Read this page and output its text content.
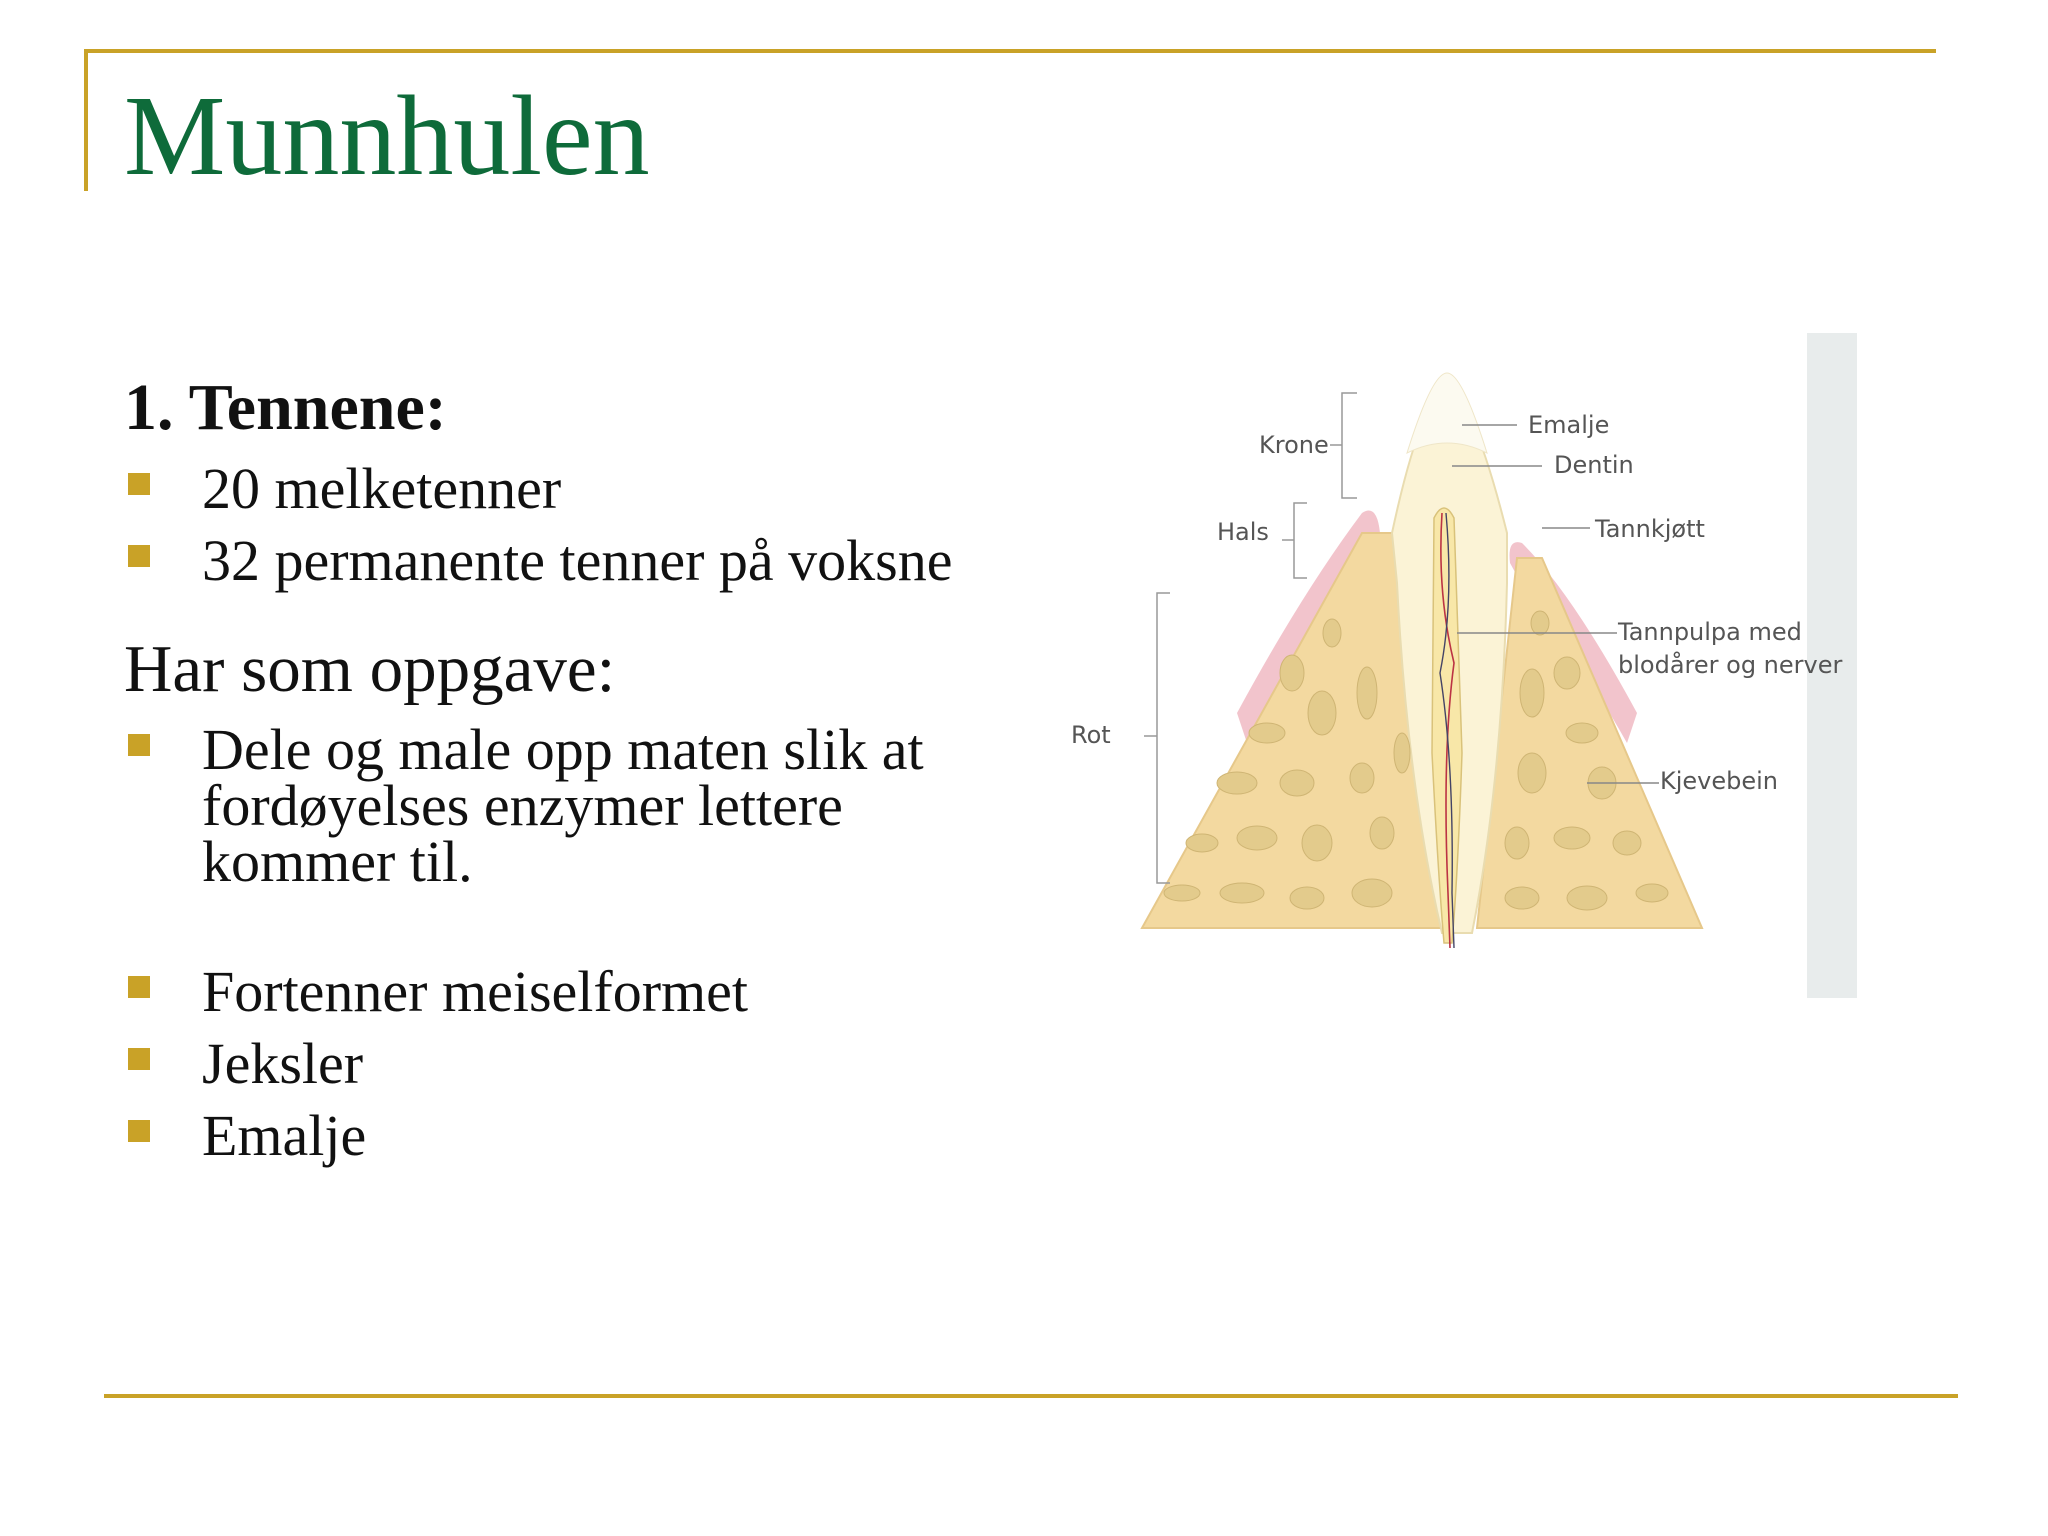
Munnhulen
1. Tennene:
20 melketenner
32 permanente tenner på voksne
Har som oppgave:
Dele og male opp maten slik at fordøyelses enzymer lettere kommer til.
Fortenner meiselformet
Jeksler
Emalje
Krone
Hals
Rot
Emalje
Dentin
Tannkjøtt
Tannpulpa med
blodårer og nerver
Kjevebein
